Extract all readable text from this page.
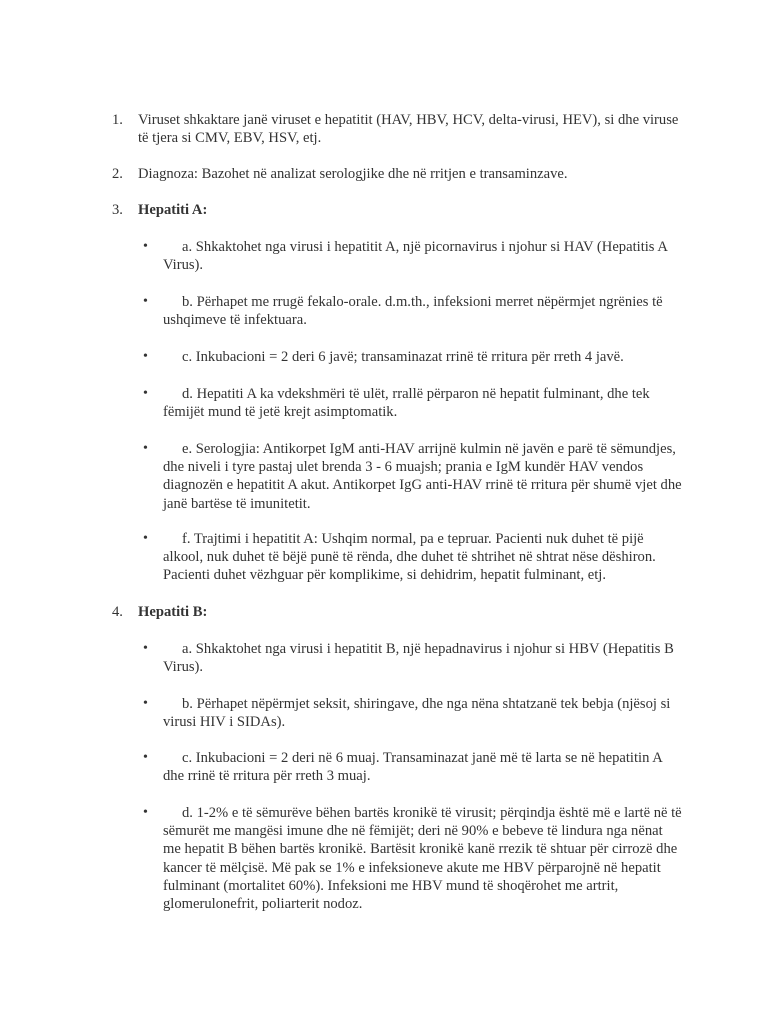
1.	Viruset shkaktare janë viruset e hepatitit (HAV, HBV, HCV, delta-virusi, HEV), si dhe viruse të tjera si CMV, EBV, HSV, etj.
2.	Diagnoza: Bazohet në analizat serologjike dhe në rritjen e transaminzave.
3.	Hepatiti A:
•	a. Shkaktohet nga virusi i hepatitit A, një picornavirus i njohur si HAV (Hepatitis A Virus).
•	b. Përhapet me rrugë fekalo-orale. d.m.th., infeksioni merret nëpërmjet ngrënies të ushqimeve të infektuara.
•	c. Inkubacioni = 2 deri 6 javë; transaminazat rrinë të rritura për rreth 4 javë.
•	d. Hepatiti A ka vdekshmëri të ulët, rrallë përparon në hepatit fulminant, dhe tek fëmijët mund të jetë krejt asimptomatik.
•	e. Serologjia: Antikorpet IgM anti-HAV arrijnë kulmin në javën e parë të sëmundjes, dhe niveli i tyre pastaj ulet brenda 3 - 6 muajsh; prania e IgM kundër HAV vendos diagnozën e hepatitit A akut. Antikorpet IgG anti-HAV rrinë të rritura për shumë vjet dhe janë bartëse të imunitetit.
•	f. Trajtimi i hepatitit A: Ushqim normal, pa e tepruar. Pacienti nuk duhet të pijë alkool, nuk duhet të bëjë punë të rënda, dhe duhet të shtrihet në shtrat nëse dëshiron. Pacienti duhet vëzhguar për komplikime, si dehidrim, hepatit fulminant, etj.
4.	Hepatiti B:
•	a. Shkaktohet nga virusi i hepatitit B, një hepadnavirus i njohur si HBV (Hepatitis B Virus).
•	b. Përhapet nëpërmjet seksit, shiringave, dhe nga nëna shtatzanë tek bebja (njësoj si virusi HIV i SIDAs).
•	c. Inkubacioni = 2 deri në 6 muaj. Transaminazat janë më të larta se në hepatitin A dhe rrinë të rritura për rreth 3 muaj.
•	d. 1-2% e të sëmurëve bëhen bartës kronikë të virusit; përqindja është më e lartë në të sëmurët me mangësi imune dhe në fëmijët; deri në 90% e bebeve të lindura nga nënat me hepatit B bëhen bartës kronikë. Bartësit kronikë kanë rrezik të shtuar për cirrozë dhe kancer të mëlçisë. Më pak se 1% e infeksioneve akute me HBV përparojnë në hepatit fulminant (mortalitet 60%). Infeksioni me HBV mund të shoqërohet me artrit, glomerulonefrit, poliarterit nodoz.
